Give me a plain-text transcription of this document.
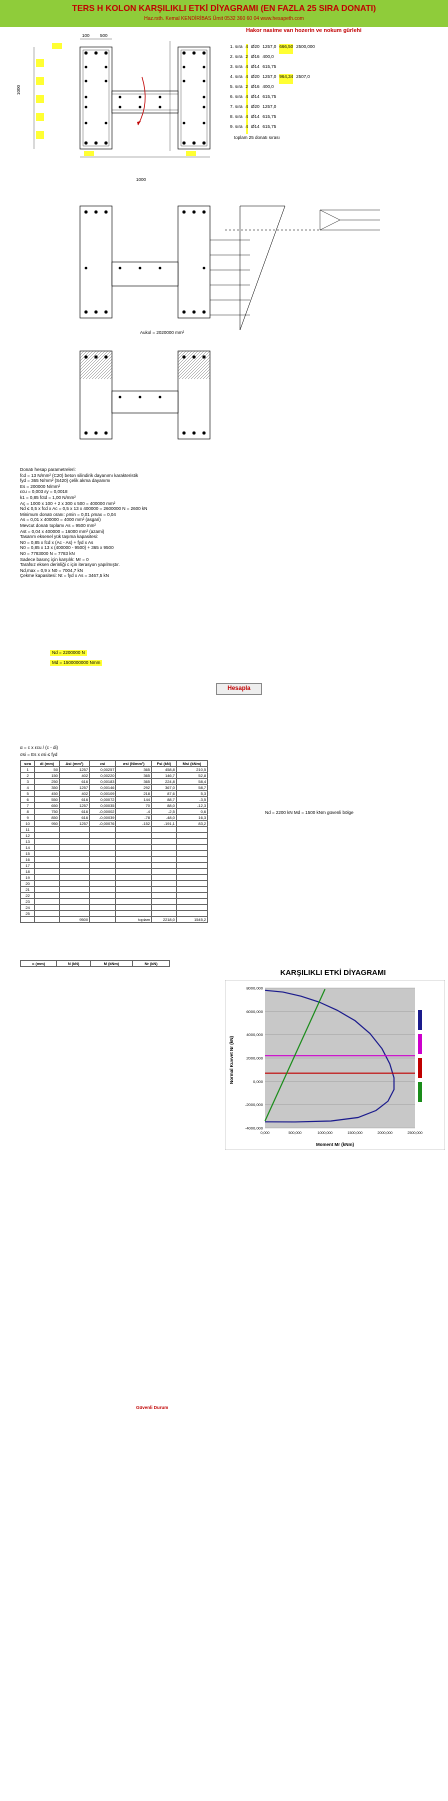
TERS H KOLON KARŞILIKLI ETKİ DİYAGRAMI (EN FAZLA 25 SIRA DONATI)
Haz.rsth. Kemal KENDİRİBAS Ümit 0532 360 60 04 www.hesapeth.com
Hakor nasime varı hozerin ve nokum gürlehi
100 500
1000
1000
1. sıra 4 Ø20 1257,0 666,50 2500,000
2. sıra 2 Ø16 400,0
3. sıra 4 Ø14 615,75
4. sıra 4 Ø20 1257,0 964,34 2507,0
5. sıra 2 Ø16 400,0
6. sıra 4 Ø14 615,75
7. sıra 4 Ø20 1257,0
8. sıra 4 Ø14 615,75
9. sıra 4 Ø14 615,75
toplam 25 donatı sırası
Aukol = 2020000 mm²
Donatı hesap parametreleri:
fcd = 13 N/mm² (C20) beton silindirik dayanımı karakteristik
fyd = 365 N/mm² (S420) çelik akma dayanımı
Es = 200000 N/mm²
εcu = 0,003 εy = 0,0018
k1 = 0,85 fctd = 1,00 N/mm²
Aç = 1000 x 100 + 2 x 300 x 500 = 400000 mm²
Nd ≤ 0,5 x fcd x Ac = 0,5 x 13 x 400000 = 2600000 N = 2600 kN
Minimum donatı oranı: ρmin = 0,01 ρmax = 0,04
As = 0,01 x 400000 = 4000 mm² (asgari)
Mevcut donatı toplamı As = 9500 mm²
Ast = 0,04 x 400000 = 16000 mm² (azami)
Tasarım eksenel yük taşıma kapasitesi:
N0 = 0,85 x fcd x (Ac - As) + fyd x As
N0 = 0,85 x 13 x (400000 - 9500) + 365 x 9500
N0 = 7783000 N = 7783 kN
Sadece basınç için karşılık: Mr = 0
Tarafsız eksen derinliği c için iterasyon yapılmıştır.
Nd,max = 0,9 x N0 = 7004,7 kN
Çekme kapasitesi: Nt = fyd x As = 3467,5 kN
Nd = 2200000 N
Md = 1500000000 Nmm
Hesapla
α = c x εcu / (c - di)
σsi = Es x εsi ≤ fyd
Nd = 2200 kN Md = 1500 kNm güvenli bölge
sıra	di (mm)	Asi (mm²)	εsi	σsi (N/mm²)	Fsi (kN)	Msi (kNm)
1	50	1257	0,00257	365	458,8	210,5
2	150	402	0,00220	365	146,7	52,8
3	250	616	0,00183	365	224,8	58,4
4	350	1257	0,00146	292	367,0	58,7
5	450	402	0,00109	218	87,6	5,3
6	550	616	0,00072	144	88,7	-3,5
7	650	1257	0,00035	70	88,0	-12,3
8	750	616	-0,00002	-4	-2,5	0,6
9	850	616	-0,00039	-78	-48,0	16,3
10	950	1257	-0,00076	-152	-191,1	83,2
11						
12						
13						
14						
15						
16						
17						
18						
19						
20						
21						
22						
23						
24						
25						
		9500		toplam	2218,0	1545,2
c (mm)	N (kN)	M (kNm)	Nr (kN)
Güvenli Durum
KARŞILIKLI ETKİ DİYAGRAMI
8000,000
6000,000
4000,000
2000,000
0,000
-2000,000
-4000,000
0,000	500,000	1000,000	1500,000	2000,000	2500,000
Moment Mr (kNm)
Normal Kuvvet Nr (kN)
